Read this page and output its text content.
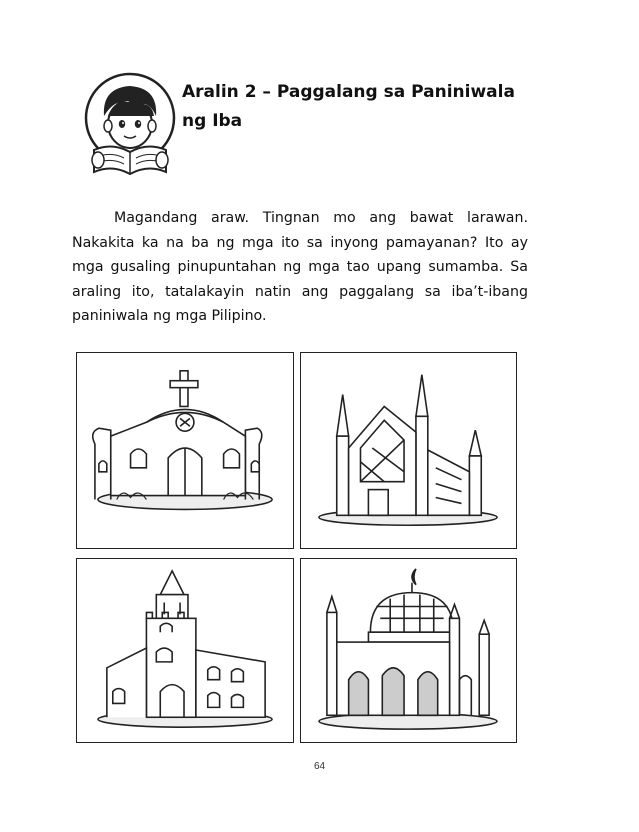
Aralin 2 – Paggalang sa Paniniwala ng Iba

Magandang araw. Tingnan mo ang bawat larawan. Nakakita ka na ba ng mga ito sa inyong pamayanan? Ito ay mga gusaling pinupuntahan ng mga tao upang sumamba. Sa araling ito, tatalakayin natin ang paggalang sa iba’t-ibang paniniwala ng mga Pilipino.

64
